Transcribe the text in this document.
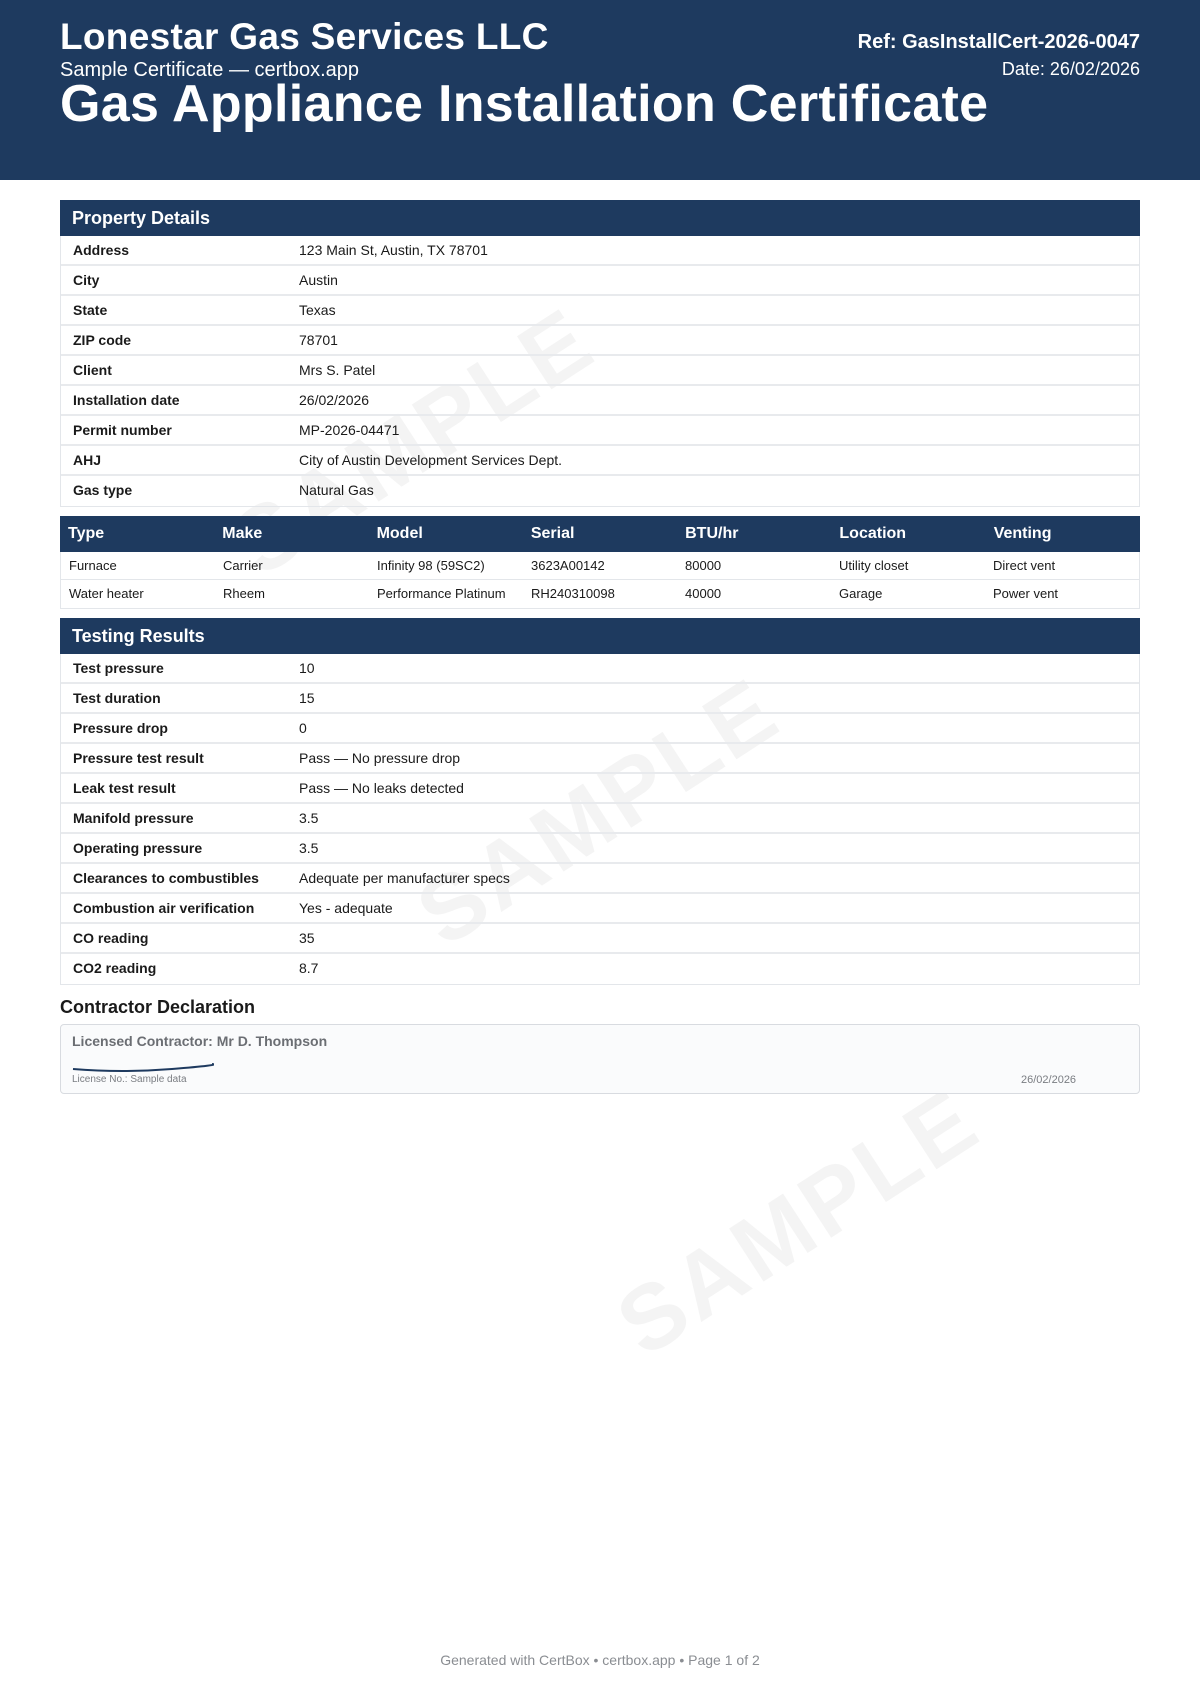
Lonestar Gas Services LLC
Sample Certificate — certbox.app
Gas Appliance Installation Certificate
Ref: GasInstallCert-2026-0047
Date: 26/02/2026
Property Details
Address	123 Main St, Austin, TX 78701
City	Austin
State	Texas
ZIP code	78701
Client	Mrs S. Patel
Installation date	26/02/2026
Permit number	MP-2026-04471
AHJ	City of Austin Development Services Dept.
Gas type	Natural Gas
Type	Make	Model	Serial	BTU/hr	Location	Venting
Furnace	Carrier	Infinity 98 (59SC2)	3623A00142	80000	Utility closet	Direct vent
Water heater	Rheem	Performance Platinum	RH240310098	40000	Garage	Power vent
Testing Results
Test pressure	10
Test duration	15
Pressure drop	0
Pressure test result	Pass — No pressure drop
Leak test result	Pass — No leaks detected
Manifold pressure	3.5
Operating pressure	3.5
Clearances to combustibles	Adequate per manufacturer specs
Combustion air verification	Yes - adequate
CO reading	35
CO2 reading	8.7
Contractor Declaration
Licensed Contractor: Mr D. Thompson
License No.: Sample data	26/02/2026
Generated with CertBox • certbox.app • Page 1 of 2
